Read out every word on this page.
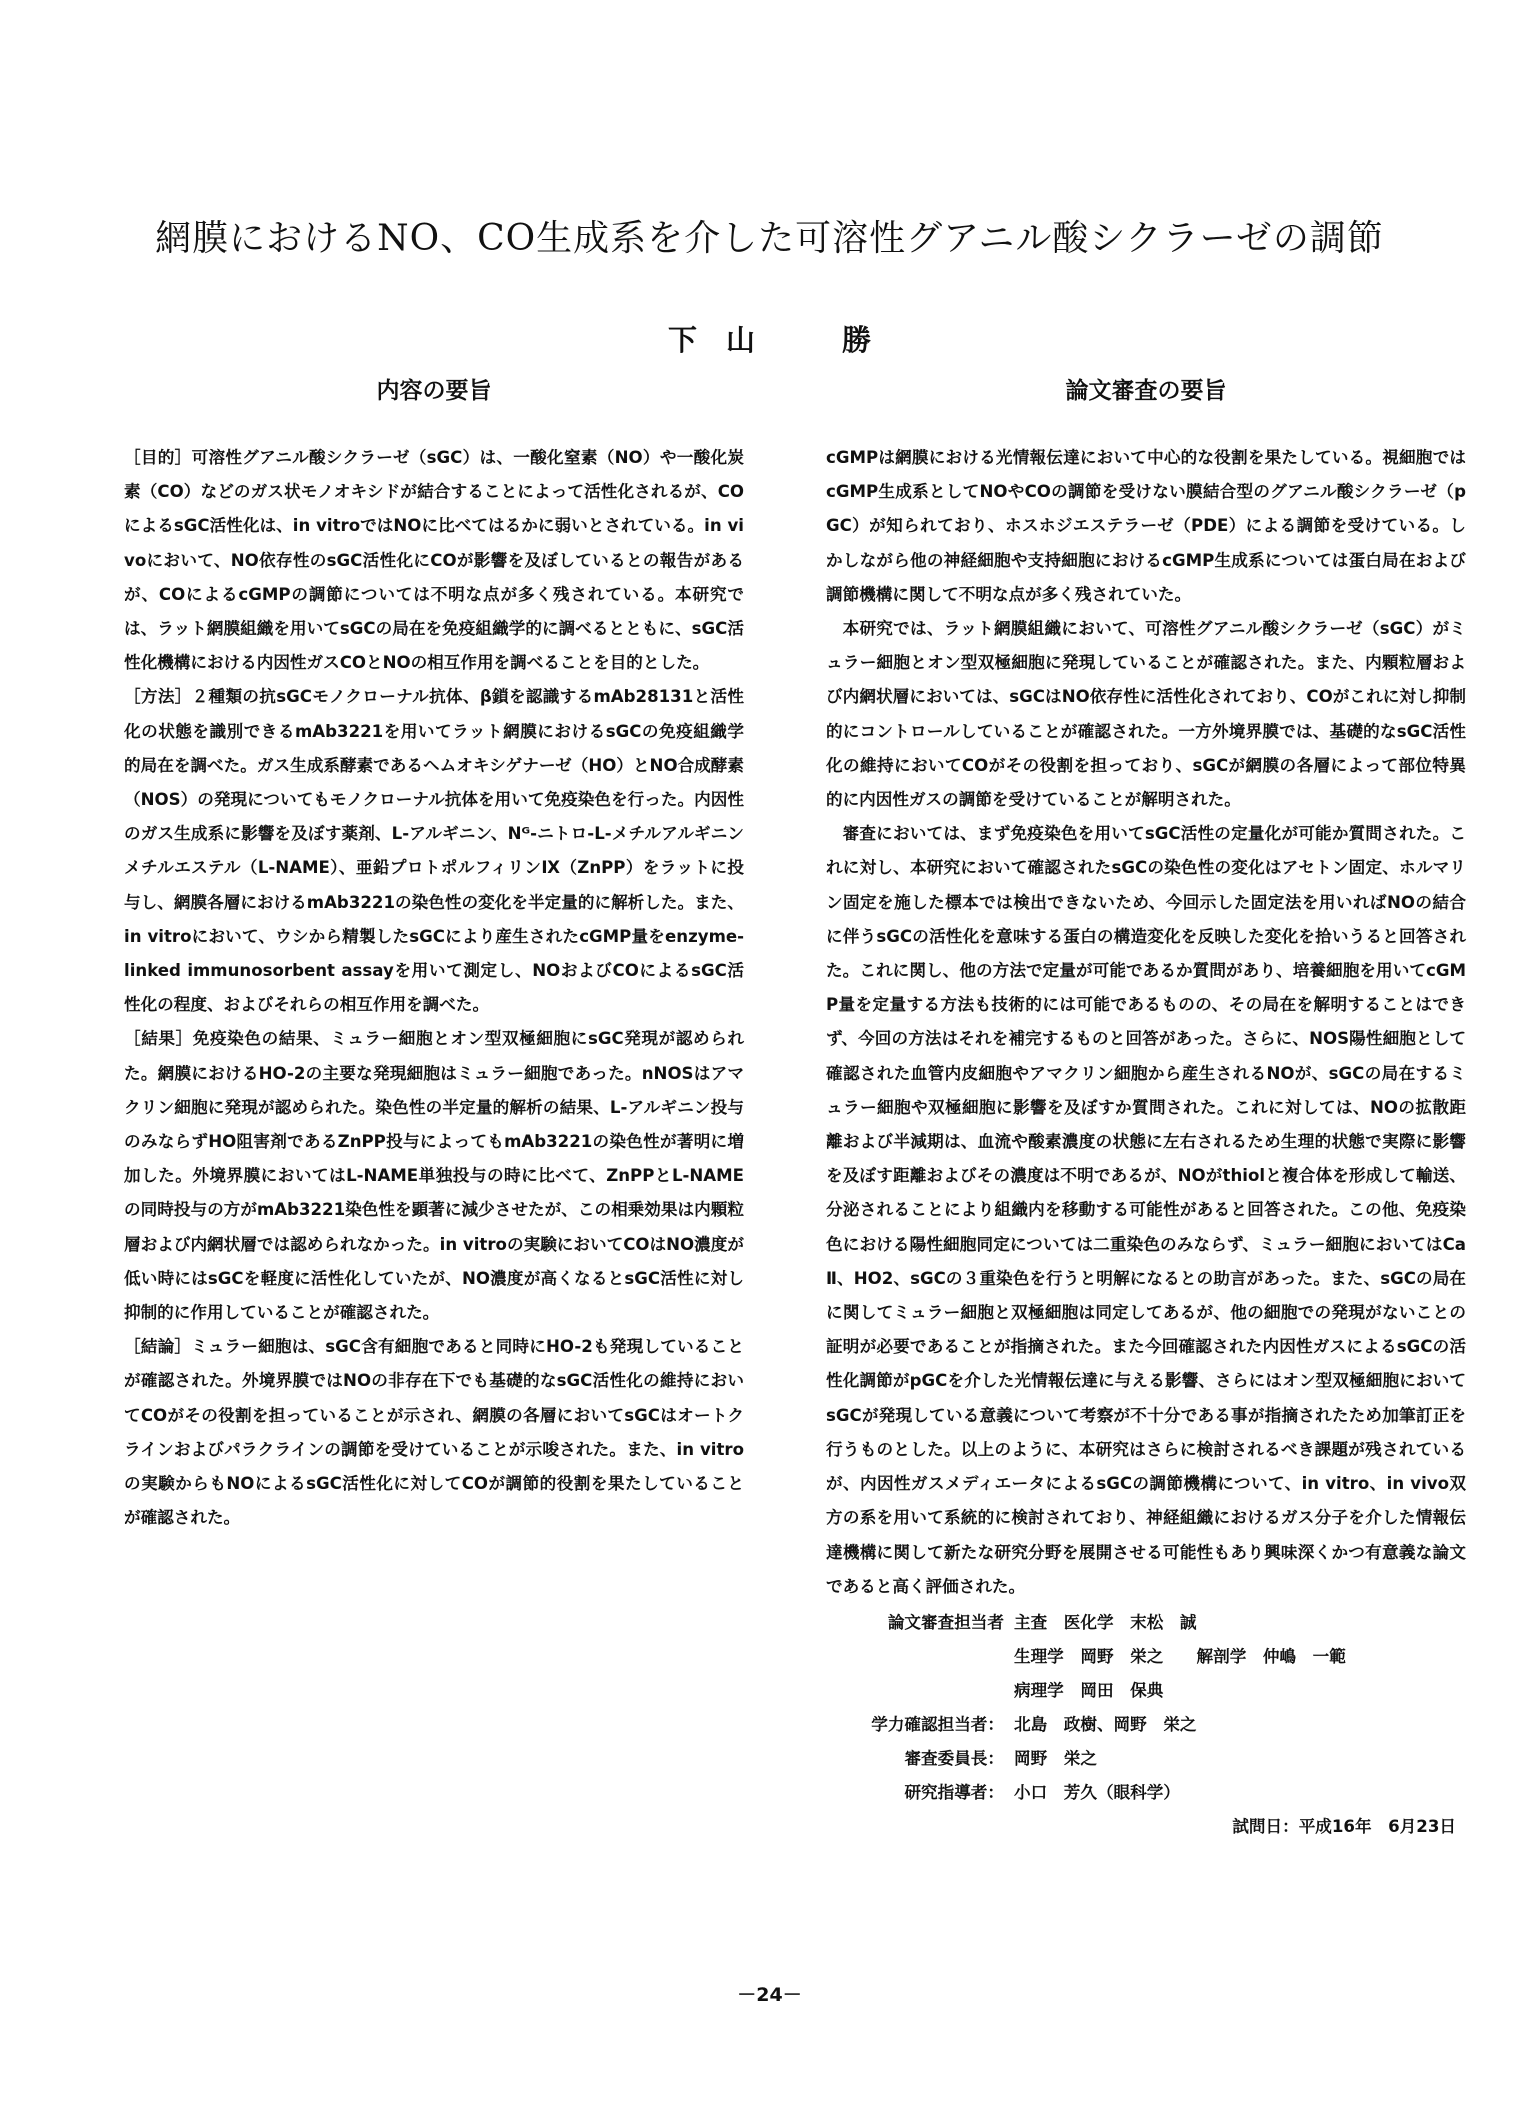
網膜におけるNO、CO生成系を介した可溶性グアニル酸シクラーゼの調節
下　山　　　勝
内容の要旨

［目的］可溶性グアニル酸シクラーゼ（sGC）は、一酸化窒素（NO）や一酸化炭素（CO）などのガス状モノオキシドが結合することによって活性化されるが、COによるsGC活性化は、in vitroではNOに比べてはるかに弱いとされている。in vivoにおいて、NO依存性のsGC活性化にCOが影響を及ぼしているとの報告があるが、COによるcGMPの調節については不明な点が多く残されている。本研究では、ラット網膜組織を用いてsGCの局在を免疫組織学的に調べるとともに、sGC活性化機構における内因性ガスCOとNOの相互作用を調べることを目的とした。

［方法］２種類の抗sGCモノクローナル抗体、β鎖を認識するmAb28131と活性化の状態を識別できるmAb3221を用いてラット網膜におけるsGCの免疫組織学的局在を調べた。ガス生成系酵素であるヘムオキシゲナーゼ（HO）とNO合成酵素（NOS）の発現についてもモノクローナル抗体を用いて免疫染色を行った。内因性のガス生成系に影響を及ぼす薬剤、L-アルギニン、Nᴳ-ニトロ-L-メチルアルギニンメチルエステル（L-NAME）、亜鉛プロトポルフィリンⅨ（ZnPP）をラットに投与し、網膜各層におけるmAb3221の染色性の変化を半定量的に解析した。また、in vitroにおいて、ウシから精製したsGCにより産生されたcGMP量をenzyme-linked immunosorbent assayを用いて測定し、NOおよびCOによるsGC活性化の程度、およびそれらの相互作用を調べた。

［結果］免疫染色の結果、ミュラー細胞とオン型双極細胞にsGC発現が認められた。網膜におけるHO-2の主要な発現細胞はミュラー細胞であった。nNOSはアマクリン細胞に発現が認められた。染色性の半定量的解析の結果、L-アルギニン投与のみならずHO阻害剤であるZnPP投与によってもmAb3221の染色性が著明に増加した。外境界膜においてはL-NAME単独投与の時に比べて、ZnPPとL-NAMEの同時投与の方がmAb3221染色性を顕著に減少させたが、この相乗効果は内顆粒層および内網状層では認められなかった。in vitroの実験においてCOはNO濃度が低い時にはsGCを軽度に活性化していたが、NO濃度が高くなるとsGC活性に対し抑制的に作用していることが確認された。

［結論］ミュラー細胞は、sGC含有細胞であると同時にHO-2も発現していることが確認された。外境界膜ではNOの非存在下でも基礎的なsGC活性化の維持においてCOがその役割を担っていることが示され、網膜の各層においてsGCはオートクラインおよびパラクラインの調節を受けていることが示唆された。また、in vitroの実験からもNOによるsGC活性化に対してCOが調節的役割を果たしていることが確認された。

論文審査の要旨

cGMPは網膜における光情報伝達において中心的な役割を果たしている。視細胞ではcGMP生成系としてNOやCOの調節を受けない膜結合型のグアニル酸シクラーゼ（pGC）が知られており、ホスホジエステラーゼ（PDE）による調節を受けている。しかしながら他の神経細胞や支持細胞におけるcGMP生成系については蛋白局在および調節機構に関して不明な点が多く残されていた。

本研究では、ラット網膜組織において、可溶性グアニル酸シクラーゼ（sGC）がミュラー細胞とオン型双極細胞に発現していることが確認された。また、内顆粒層および内網状層においては、sGCはNO依存性に活性化されており、COがこれに対し抑制的にコントロールしていることが確認された。一方外境界膜では、基礎的なsGC活性化の維持においてCOがその役割を担っており、sGCが網膜の各層によって部位特異的に内因性ガスの調節を受けていることが解明された。

審査においては、まず免疫染色を用いてsGC活性の定量化が可能か質問された。これに対し、本研究において確認されたsGCの染色性の変化はアセトン固定、ホルマリン固定を施した標本では検出できないため、今回示した固定法を用いればNOの結合に伴うsGCの活性化を意味する蛋白の構造変化を反映した変化を拾いうると回答された。これに関し、他の方法で定量が可能であるか質問があり、培養細胞を用いてcGMP量を定量する方法も技術的には可能であるものの、その局在を解明することはできず、今回の方法はそれを補完するものと回答があった。さらに、NOS陽性細胞として確認された血管内皮細胞やアマクリン細胞から産生されるNOが、sGCの局在するミュラー細胞や双極細胞に影響を及ぼすか質問された。これに対しては、NOの拡散距離および半減期は、血流や酸素濃度の状態に左右されるため生理的状態で実際に影響を及ぼす距離およびその濃度は不明であるが、NOがthiolと複合体を形成して輸送、分泌されることにより組織内を移動する可能性があると回答された。この他、免疫染色における陽性細胞同定については二重染色のみならず、ミュラー細胞においてはCaⅡ、HO2、sGCの３重染色を行うと明解になるとの助言があった。また、sGCの局在に関してミュラー細胞と双極細胞は同定してあるが、他の細胞での発現がないことの証明が必要であることが指摘された。また今回確認された内因性ガスによるsGCの活性化調節がpGCを介した光情報伝達に与える影響、さらにはオン型双極細胞においてsGCが発現している意義について考察が不十分である事が指摘されたため加筆訂正を行うものとした。以上のように、本研究はさらに検討されるべき課題が残されているが、内因性ガスメディエータによるsGCの調節機構について、in vitro、in vivo双方の系を用いて系統的に検討されており、神経組織におけるガス分子を介した情報伝達機構に関して新たな研究分野を展開させる可能性もあり興味深くかつ有意義な論文であると高く評価された。

論文審査担当者 主査　医化学　末松　誠
生理学　岡野　栄之　　解剖学　仲嶋　一範
病理学　岡田　保典
学力確認担当者： 北島　政樹、岡野　栄之
審査委員長： 岡野　栄之
研究指導者： 小口　芳久（眼科学）
試問日：平成16年　6月23日
－24－
